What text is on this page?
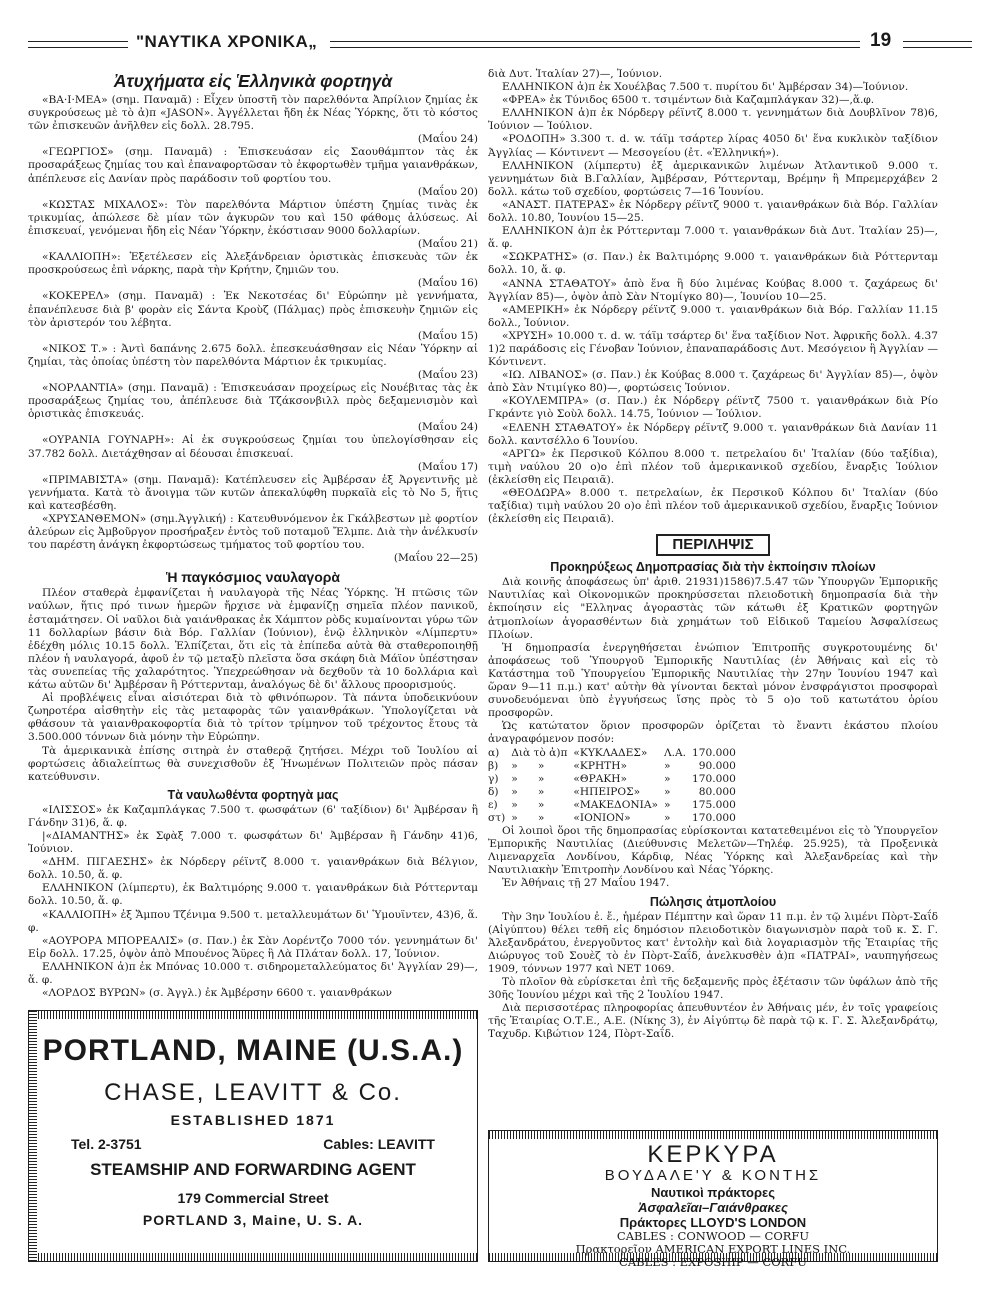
"ΝΑΥΤΙΚΑ ΧΡΟΝΙΚΑ„	19
Ἀτυχήματα εἰς Ἑλληνικὰ φορτηγὰ

«ΒΑ·Ι·ΜΕΑ» (σημ. Παναμᾶ) : Εἶχεν ὑποστῆ τὸν παρελθόντα Ἀπρίλιον ζημίας ἐκ συγκρούσεως μὲ τὸ ἀ)π «JASON». Ἀγγέλλεται ἤδη ἐκ Νέας Ὑόρκης, ὅτι τὸ κόστος τῶν ἐπισκευῶν ἀνῆλθεν εἰς δολλ. 28.795.

(Μαΐου 24)

«ΓΕΩΡΓΙΟΣ» (σημ. Παναμᾶ) : Ἐπισκευάσαν εἰς Σαουθάμπτον τὰς ἐκ προσαράξεως ζημίας του καὶ ἐπαναφορτῶσαν τὸ ἐκφορτωθὲν τμῆμα γαιανθράκων, ἀπέπλευσε εἰς Δανίαν πρὸς παράδοσιν τοῦ φορτίου του.

(Μαΐου 20)

«ΚΩΣΤΑΣ ΜΙΧΑΛΟΣ»: Τὸν παρελθόντα Μάρτιον ὑπέστη ζημίας τινὰς ἐκ τρικυμίας, ἀπώλεσε δὲ μίαν τῶν ἀγκυρῶν του καὶ 150 φάθομς ἁλύσεως. Αἱ ἐπισκευαί, γενόμεναι ἤδη εἰς Νέαν Ὑόρκην, ἐκόστισαν 9000 δολλαρίων.

(Μαΐου 21)

«ΚΑΛΛΙΟΠΗ»: Ἐξετέλεσεν εἰς Ἀλεξάνδρειαν ὁριστικὰς ἐπισκευὰς τῶν ἐκ προσκρούσεως ἐπὶ νάρκης, παρὰ τὴν Κρήτην, ζημιῶν του.

(Μαΐου 16)

«ΚΟΚΕΡΕΛ» (σημ. Παναμᾶ) : Ἐκ Νεκοτσέας δι' Εὐρώπην μὲ γεννήματα, ἐπανέπλευσε διὰ β' φορὰν εἰς Σάντα Κροὺζ (Πάλμας) πρὸς ἐπισκευὴν ζημιῶν εἰς τὸν ἀριστερόν του λέβητα.

(Μαΐου 15)

«ΝΙΚΟΣ Τ.» : Ἀντὶ δαπάνης 2.675 δολλ. ἐπεσκευάσθησαν εἰς Νέαν Ὑόρκην αἱ ζημίαι, τὰς ὁποίας ὑπέστη τὸν παρελθόντα Μάρτιον ἐκ τρικυμίας.

(Μαΐου 23)

«ΝΟΡΛΑΝΤΙΑ» (σημ. Παναμᾶ) : Ἐπισκευάσαν προχείρως εἰς Νουέβιτας τὰς ἐκ προσαράξεως ζημίας του, ἀπέπλευσε διὰ Τζάκσονβιλλ πρὸς δεξαμενισμὸν καὶ ὁριστικὰς ἐπισκευάς.

(Μαΐου 24)

«ΟΥΡΑΝΙΑ ΓΟΥΝΑΡΗ»: Αἱ ἐκ συγκρούσεως ζημίαι του ὑπελογίσθησαν εἰς 37.782 δολλ. Διετάχθησαν αἱ δέουσαι ἐπισκευαί.

(Μαΐου 17)

«ΠΡΙΜΑΒΙΣΤΑ» (σημ. Παναμᾶ): Κατέπλευσεν εἰς Ἀμβέρσαν ἐξ Ἀργεντινῆς μὲ γεννήματα. Κατὰ τὸ ἄνοιγμα τῶν κυτῶν ἀπεκαλύφθη πυρκαϊὰ εἰς τὸ Νο 5, ἥτις καὶ κατεσβέσθη.

«ΧΡΥΣΑΝΘΕΜΟΝ» (σημ.Ἀγγλική) : Κατευθυνόμενον ἐκ Γκάλβεστων μὲ φορτίον ἀλεύρων εἰς Ἀμβοῦργον προσήραξεν ἐντὸς τοῦ ποταμοῦ Ἔλμπε. Διὰ τὴν ἀνέλκυσίν του παρέστη ἀνάγκη ἐκφορτώσεως τμήματος τοῦ φορτίου του.

(Μαΐου 22—25)

Ἡ παγκόσμιος ναυλαγορὰ

Πλέον σταθερὰ ἐμφανίζεται ἡ ναυλαγορὰ τῆς Νέας Ὑόρκης. Ἡ πτῶσις τῶν ναύλων, ἥτις πρό τινων ἡμερῶν ἤρχισε νὰ ἐμφανίζῃ σημεῖα πλέον πανικοῦ, ἐσταμάτησεν. Οἱ ναῦλοι διὰ γαιάνθρακας ἐκ Χάμπτον ρὸδς κυμαίνονται γύρω τῶν 11 δολλαρίων βάσιν διὰ Βόρ. Γαλλίαν (Ἰούνιον), ἐνῷ ἑλληνικὸν «Λίμπερτυ» ἐδέχθη μόλις 10.15 δολλ. Ἐλπίζεται, ὅτι εἰς τὰ ἐπίπεδα αὐτὰ θὰ σταθεροποιηθῇ πλέον ἡ ναυλαγορά, ἀφοῦ ἐν τῷ μεταξὺ πλεῖστα ὅσα σκάφη διὰ Μάϊον ὑπέστησαν τὰς συνεπείας τῆς χαλαρότητος. Ὑπεχρεώθησαν νὰ δεχθοῦν τὰ 10 δολλάρια καὶ κάτω αὐτῶν δι' Ἀμβέρσαν ἢ Ρόττερνταμ, ἀναλόγως δὲ δι' ἄλλους προορισμούς.

Αἱ προβλέψεις εἶναι αἰσιότεραι διὰ τὸ φθινόπωρον. Τὰ πάντα ὑποδεικνύουν ζωηροτέρα αἰσθητὴν εἰς τὰς μεταφορὰς τῶν γαιανθράκων. Ὑπολογίζεται νὰ φθάσουν τὰ γαιανθρακοφορτία διὰ τὸ τρίτον τρίμηνον τοῦ τρέχοντος ἔτους τὰ 3.500.000 τόννων διὰ μόνην τὴν Εὐρώπην.

Τὰ ἀμερικανικὰ ἐπίσης σιτηρὰ ἐν σταθερᾷ ζητήσει. Μέχρι τοῦ Ἰουλίου αἱ φορτώσεις ἀδιαλείπτως θὰ συνεχισθοῦν ἐξ Ἡνωμένων Πολιτειῶν πρὸς πάσαν κατεύθυνσιν.

Τὰ ναυλωθέντα φορτηγὰ μας

«ΙΛΙΣΣΟΣ» ἐκ Καζαμπλάγκας 7.500 τ. φωσφάτων (6' ταξίδιον) δι' Ἀμβέρσαν ἢ Γάνδην 31)6, ἅ. φ.

|«ΔΙΑΜΑΝΤΗΣ» ἐκ Σφὰξ 7.000 τ. φωσφάτων δι' Ἀμβέρσαν ἢ Γάνδην 41)6, Ἰούνιον.

«ΔΗΜ. ΠΙΓΑΕΣΗΣ» ἐκ Νόρδεργ ρέϊντζ 8.000 τ. γαιανθράκων διὰ Βέλγιον, δολλ. 10.50, ἅ. φ.

ΕΛΛΗΝΙΚΟΝ (λίμπερτυ), ἐκ Βαλτιμόρης 9.000 τ. γαιανθράκων διὰ Ρόττερνταμ δολλ. 10.50, ἅ. φ.

«ΚΑΛΛΙΟΠΗ» ἐξ Ἄμπου Τζένιμα 9.500 τ. μεταλλευμάτων δι' Ὑμουϊντεν, 43)6, ἅ. φ.

«ΑΟΥΡΟΡΑ ΜΠΟΡΕΑΛΙΣ» (σ. Παν.) ἐκ Σὰν Λορέντζο 7000 τόν. γεννημάτων δι' Εἰρ δολλ. 17.25, ὀψὸν ἀπὸ Μπουένος Ἄϋρες ἢ Λὰ Πλάταν δολλ. 17, Ἰούνιον.

ΕΛΛΗΝΙΚΟΝ ἀ)π ἐκ Μπόνας 10.000 τ. σιδηρομεταλλεύματος δι' Ἀγγλίαν 29)—, ἅ. φ.

«ΛΟΡΔΟΣ ΒΥΡΩΝ» (σ. Ἀγγλ.) ἐκ Ἀμβέρσην 6600 τ. γαιανθράκων

διὰ Δυτ. Ἰταλίαν 27)—, Ἰούνιον.

ΕΛΛΗΝΙΚΟΝ ἀ)π ἐκ Χουέλβας 7.500 τ. πυρίτου δι' Ἀμβέρσαν 34)—Ἰούνιον.

«ΦΡΕΑ» ἐκ Τύνιδος 6500 τ. τσιμέντων διὰ Καζαμπλάγκαν 32)—,ἅ.φ.

ΕΛΛΗΝΙΚΟΝ ἀ)π ἐκ Νόρδεργ ρέϊντζ 8.000 τ. γεννημάτων διὰ Δουβλῖνον 78)6, Ἰούνιον — Ἰούλιον.

«ΡΟΔΟΠΗ» 3.300 τ. d. w. τάϊμ τσάρτερ λίρας 4050 δι' ἕνα κυκλικὸν ταξίδιον Ἀγγλίας — Κόντινεντ — Μεσογείου (ἐτ. «Ἑλληνική»).

ΕΛΛΗΝΙΚΟΝ (λίμπερτυ) ἐξ ἀμερικανικῶν λιμένων Ἀτλαντικοῦ 9.000 τ. γεννημάτων διὰ Β.Γαλλίαν, Ἀμβέρσαν, Ρόττερνταμ, Βρέμην ἢ Μπρεμερχάβεν 2 δολλ. κάτω τοῦ σχεδίου, φορτώσεις 7—16 Ἰουνίου.

«ΑΝΑΣΤ. ΠΑΤΕΡΑΣ» ἐκ Νόρδεργ ρέϊντζ 9000 τ. γαιανθράκων διὰ Βόρ. Γαλλίαν δολλ. 10.80, Ἰουνίου 15—25.

ΕΛΛΗΝΙΚΟΝ ἀ)π ἐκ Ρόττερνταμ 7.000 τ. γαιανθράκων διὰ Δυτ. Ἰταλίαν 25)—, ἅ. φ.

«ΣΩΚΡΑΤΗΣ» (σ. Παν.) ἐκ Βαλτιμόρης 9.000 τ. γαιανθράκων διὰ Ρόττερνταμ δολλ. 10, ἅ. φ.

«ΑΝΝΑ ΣΤΑΘΑΤΟΥ» ἀπὸ ἕνα ἢ δύο λιμένας Κούβας 8.000 τ. ζαχάρεως δι' Ἀγγλίαν 85)—, ὀψὸν ἀπὸ Σὰν Ντομίγκο 80)—, Ἰουνίου 10—25.

«ΑΜΕΡΙΚΗ» ἐκ Νόρδεργ ρέϊντζ 9.000 τ. γαιανθράκων διὰ Βόρ. Γαλλίαν 11.15 δολλ., Ἰούνιον.

«ΧΡΥΣΗ» 10.000 τ. d. w. τάϊμ τσάρτερ δι' ἕνα ταξίδιον Νοτ. Ἀφρικῆς δολλ. 4.37 1)2 παράδοσις εἰς Γένοβαν Ἰούνιον, ἐπαναπαράδοσις Δυτ. Μεσόγειον ἢ Ἀγγλίαν — Κόντινεντ.

«ΙΩ. ΛΙΒΑΝΟΣ» (σ. Παν.) ἐκ Κούβας 8.000 τ. ζαχάρεως δι' Ἀγγλίαν 85)—, ὀψὸν ἀπὸ Σὰν Ντιμίγκο 80)—, φορτώσεις Ἰούνιον.

«ΚΟΥΛΕΜΠΡΑ» (σ. Παν.) ἐκ Νόρδεργ ρέϊντζ 7500 τ. γαιανθράκων διὰ Ρίο Γκράντε γιὸ Σοὺλ δολλ. 14.75, Ἰούνιον — Ἰούλιον.

«ΕΛΕΝΗ ΣΤΑΘΑΤΟΥ» ἐκ Νόρδεργ ρέϊντζ 9.000 τ. γαιανθράκων διὰ Δανίαν 11 δολλ. καντσέλλο 6 Ἰουνίου.

«ΑΡΓΩ» ἐκ Περσικοῦ Κόλπου 8.000 τ. πετρελαίου δι' Ἰταλίαν (δύο ταξίδια), τιμὴ ναύλου 20 ο)ο ἐπὶ πλέον τοῦ ἀμερικανικοῦ σχεδίου, ἔναρξις Ἰούλιον (ἐκλείσθη εἰς Πειραιᾶ).

«ΘΕΟΔΩΡΑ» 8.000 τ. πετρελαίων, ἐκ Περσικοῦ Κόλπου δι' Ἰταλίαν (δύο ταξίδια) τιμὴ ναύλου 20 ο)ο ἐπὶ πλέον τοῦ ἀμερικανικοῦ σχεδίου, ἔναρξις Ἰούνιον (ἐκλείσθη εἰς Πειραιᾶ).

ΠΕΡΙΛΗΨΙΣ
Προκηρύξεως Δημοπρασίας διὰ τὴν ἐκποίησιν πλοίων

Διὰ κοινῆς ἀποφάσεως ὑπ' ἀριθ. 21931)1586)7.5.47 τῶν Ὑπουργῶν Ἐμπορικῆς Ναυτιλίας καὶ Οἰκονομικῶν προκηρύσσεται πλειοδοτικὴ δημοπρασία διὰ τὴν ἐκποίησιν εἰς "Ελληνας ἀγοραστὰς τῶν κάτωθι ἐξ Κρατικῶν φορτηγῶν ἀτμοπλοίων ἀγορασθέντων διὰ χρημάτων τοῦ Εἰδικοῦ Ταμείου Ἀσφαλίσεως Πλοίων.

Ἡ δημοπρασία ἐνεργηθήσεται ἐνώπιον Ἐπιτροπῆς συγκροτουμένης δι' ἀποφάσεως τοῦ Ὑπουργοῦ Ἐμπορικῆς Ναυτιλίας (ἐν Ἀθήναις καὶ εἰς τὸ Κατάστημα τοῦ Ὑπουργείου Ἐμπορικῆς Ναυτιλίας τὴν 27ην Ἰουνίου 1947 καὶ ὥραν 9—11 π.μ.) κατ' αὐτὴν θὰ γίνονται δεκταὶ μόνον ἐνσφράγιστοι προσφοραὶ συνοδευόμεναι ὑπὸ ἐγγυήσεως ἴσης πρὸς τὸ 5 ο)ο τοῦ κατωτάτου ὁρίου προσφορῶν.

Ὡς κατώτατον ὅριον προσφορῶν ὁρίζεται τὸ ἔναντι ἑκάστου πλοίου ἀναγραφόμενον ποσόν:

α)	Διὰ τὸ ἀ)π	«ΚΥΚΛΑΔΕΣ»	Λ.Α.	170.000
β)	»      »	«ΚΡΗΤΗ»	»	90.000
γ)	»      »	«ΘΡΑΚΗ»	»	170.000
δ)	»      »	«ΗΠΕΙΡΟΣ»	»	80.000
ε)	»      »	«ΜΑΚΕΔΟΝΙΑ»	»	175.000
στ)	»      »	«ΙΟΝΙΟΝ»	»	170.000

Οἱ λοιποὶ ὅροι τῆς δημοπρασίας εὑρίσκονται κατατεθειμένοι εἰς τὸ Ὑπουργεῖον Ἐμπορικῆς Ναυτιλίας (Διεύθυνσις Μελετῶν—Τηλέφ. 25.925), τὰ Προξενικὰ Λιμεναρχεῖα Λονδίνου, Κάρδιφ, Νέας Ὑόρκης καὶ Ἀλεξανδρείας καὶ τὴν Ναυτιλιακὴν Ἐπιτροπὴν Λονδίνου καὶ Νέας Ὑόρκης.

Ἐν Ἀθήναις τῇ 27 Μαΐου 1947.

Πώλησις ἀτμοπλοίου

Τὴν 3ην Ἰουλίου ἐ. ἔ., ἡμέραν Πέμπτην καὶ ὥραν 11 π.μ. ἐν τῷ λιμένι Πὸρτ-Σαΐδ (Αἰγύπτου) θέλει τεθῆ εἰς δημόσιον πλειοδοτικὸν διαγωνισμὸν παρὰ τοῦ κ. Σ. Γ. Ἀλεξανδράτου, ἐνεργοῦντος κατ' ἐντολὴν καὶ διὰ λογαριασμὸν τῆς Ἑταιρίας τῆς Διώρυγος τοῦ Σουὲζ τὸ ἐν Πὸρτ-Σαΐδ, ἀνελκυσθὲν ἀ)π «ΠΑΤΡΑΙ», ναυπηγήσεως 1909, τόννων 1977 καὶ ΝΕΤ 1069.

Τὸ πλοῖον θὰ εὑρίσκεται ἐπὶ τῆς δεξαμενῆς πρὸς ἐξέτασιν τῶν ὑφάλων ἀπὸ τῆς 30ῆς Ἰουνίου μέχρι καὶ τῆς 2 Ἰουλίου 1947.

Διὰ περισσοτέρας πληροφορίας ἀπευθυντέον ἐν Ἀθήναις μέν, ἐν τοῖς γραφείοις τῆς Ἑταιρίας Ο.Τ.Ε., Α.Ε. (Νίκης 3), ἐν Αἰγύπτῳ δὲ παρὰ τῷ κ. Γ. Σ. Ἀλεξανδράτῳ, Ταχυδρ. Κιβώτιον 124, Πὸρτ-Σαΐδ.

PORTLAND, MAINE (U.S.A.)
CHASE, LEAVITT & Co.
ESTABLISHED 1871
Tel. 2-3751	Cables: LEAVITT
STEAMSHIP AND FORWARDING AGENT
179 Commercial Street
PORTLAND 3, Maine, U. S. A.
ΚΕΡΚΥΡΑ
ΒΟΥΔΑΛΕ'Υ & ΚΟΝΤΗΣ
Ναυτικοὶ πράκτορες
Ἀσφαλεῖαι–Γαιάνθρακες
Πράκτορες LLOYD'S LONDON
CABLES : CONWOOD — CORFU
Πρακτορεῖον AMERICAN EXPORT LINES INC.
CABLES : EXPOSHIP — CORFU
